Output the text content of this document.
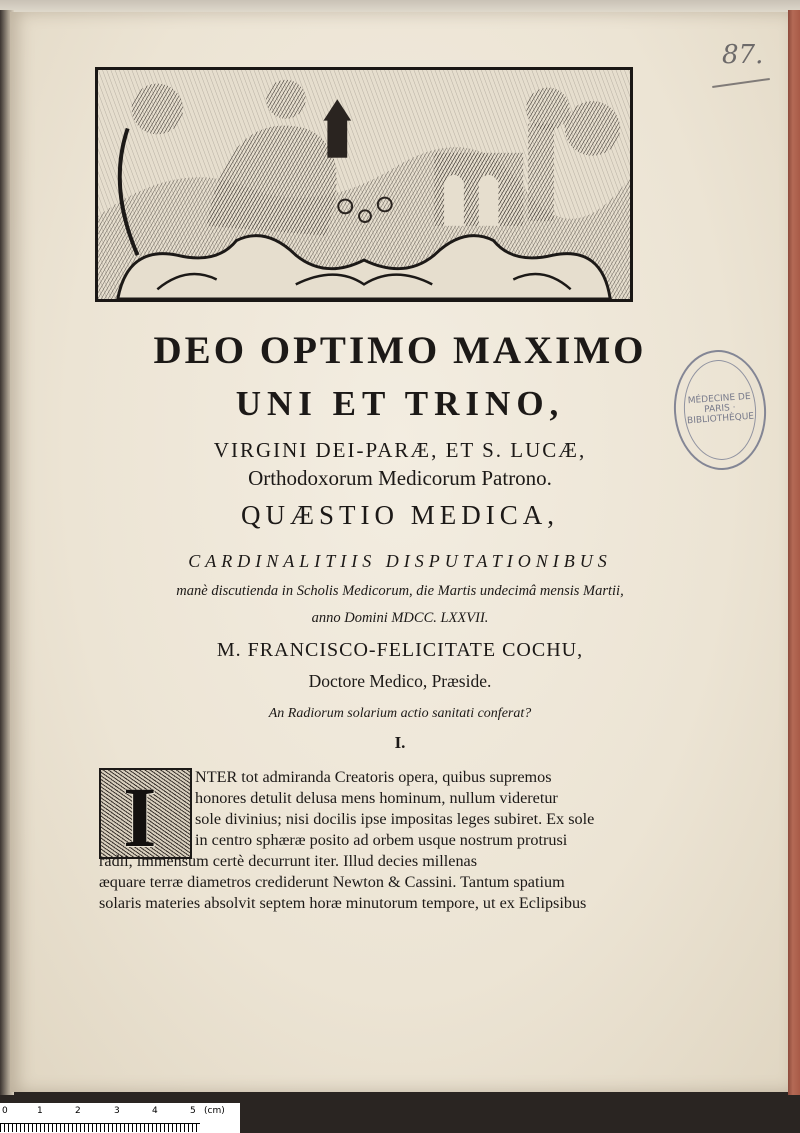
87.
MÉDECINE DE PARIS · BIBLIOTHÈQUE
DEO OPTIMO MAXIMO
UNI ET TRINO,
VIRGINI DEI-PARÆ, ET S. LUCÆ,
Orthodoxorum Medicorum Patrono.
QUÆSTIO MEDICA,
CARDINALITIIS DISPUTATIONIBUS
manè discutienda in Scholis Medicorum, die Martis undecimâ mensis Martii,
anno Domini MDCC. LXXVII.
M. FRANCISCO-FELICITATE COCHU,
Doctore Medico, Præside.
An Radiorum solarium actio sanitati conferat?
I.
I NTER tot admiranda Creatoris opera, quibus supremos
honores detulit delusa mens hominum, nullum videretur
sole divinius; nisi docilis ipse impositas leges subiret. Ex sole
in centro sphæræ posito ad orbem usque nostrum protrusi
radii, immensum certè decurrunt iter. Illud decies millenas
æquare terræ diametros crediderunt Newton & Cassini. Tantum spatium
solaris materies absolvit septem horæ minutorum tempore, ut ex Eclipsibus
0	1	2	3	4	5 (cm)
